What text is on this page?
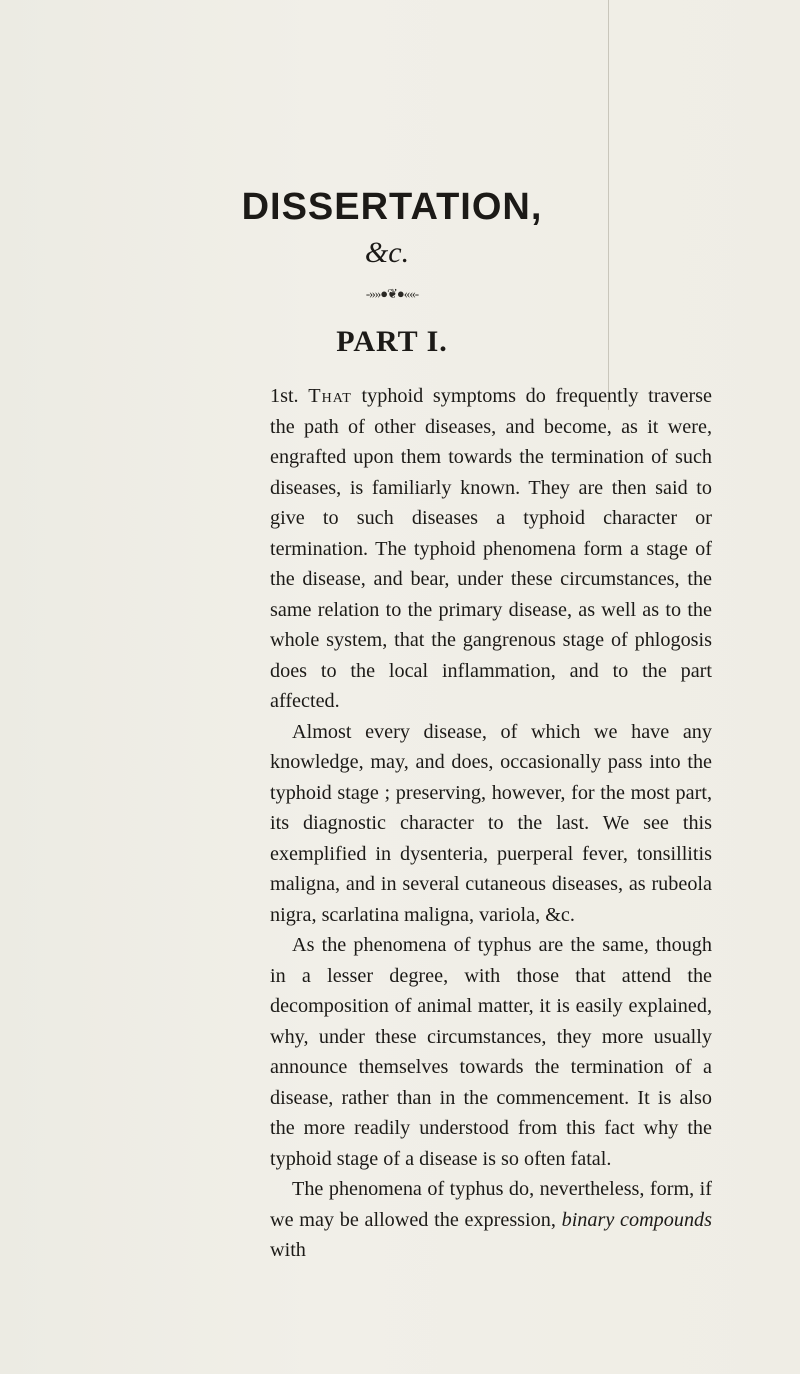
DISSERTATION,
&c.
-»»●❦●««-
PART I.

1st. That typhoid symptoms do frequently traverse the path of other diseases, and become, as it were, engrafted upon them towards the termination of such diseases, is familiarly known. They are then said to give to such diseases a typhoid character or termination. The typhoid phenomena form a stage of the disease, and bear, under these circumstances, the same relation to the primary disease, as well as to the whole system, that the gangrenous stage of phlogosis does to the local inflammation, and to the part affected.

Almost every disease, of which we have any knowledge, may, and does, occasionally pass into the typhoid stage ; preserving, however, for the most part, its diagnostic character to the last. We see this exemplified in dysenteria, puerperal fever, tonsillitis maligna, and in several cutaneous diseases, as rubeola nigra, scarlatina maligna, variola, &c.

As the phenomena of typhus are the same, though in a lesser degree, with those that attend the decomposition of animal matter, it is easily explained, why, under these circumstances, they more usually announce themselves towards the termination of a disease, rather than in the commencement. It is also the more readily understood from this fact why the typhoid stage of a disease is so often fatal.

The phenomena of typhus do, nevertheless, form, if we may be allowed the expression, binary compounds with
